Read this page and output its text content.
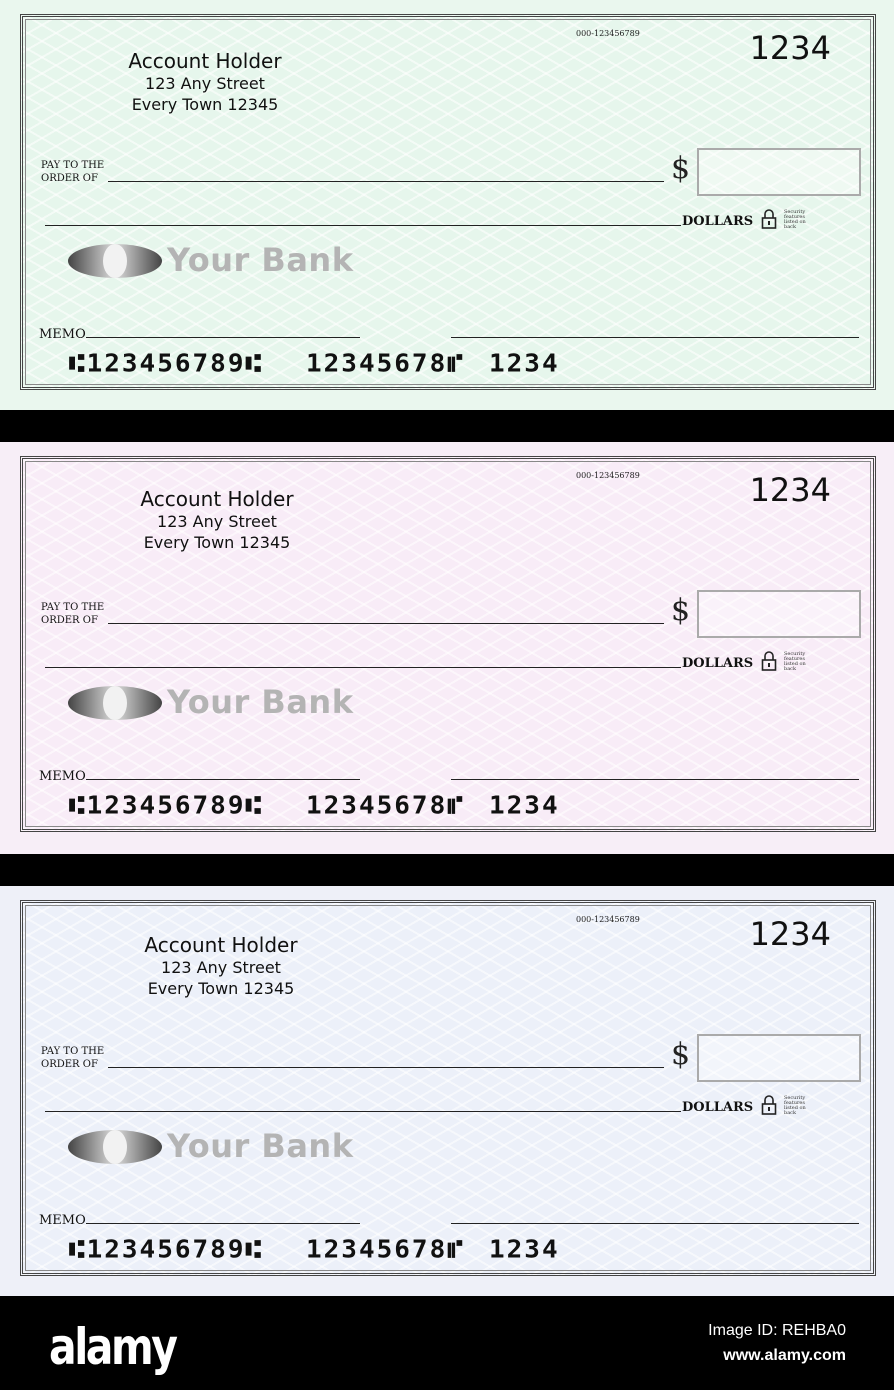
Account Holder
123 Any Street
Every Town 12345
000-123456789	1234
PAY TO THE
ORDER OF	$
DOLLARS
Security features listed on back
Your Bank
MEMO
⑆123456789⑆ 12345678⑈ 1234
Account Holder
123 Any Street
Every Town 12345
000-123456789	1234
PAY TO THE
ORDER OF	$
DOLLARS
Security features listed on back
Your Bank
MEMO
⑆123456789⑆ 12345678⑈ 1234
Account Holder
123 Any Street
Every Town 12345
000-123456789	1234
PAY TO THE
ORDER OF	$
DOLLARS
Security features listed on back
Your Bank
MEMO
⑆123456789⑆ 12345678⑈ 1234
alamy	Image ID: REHBA0
www.alamy.com
